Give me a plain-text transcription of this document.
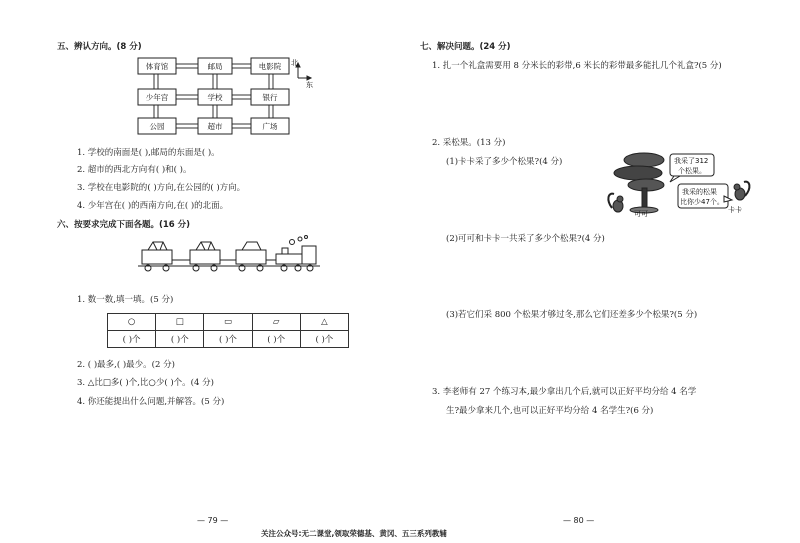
五、辨认方向。(8 分)
体育馆	邮局	电影院
少年宫	学校	银行
公园	超市	广场
北
东
1. 学校的南面是( ),邮局的东面是( )。
2. 超市的西北方向有( )和( )。
3. 学校在电影院的( )方向,在公园的( )方向。
4. 少年宫在( )的西南方向,在( )的北面。
六、按要求完成下面各题。(16 分)
1. 数一数,填一填。(5 分)
○	□	▭	▱	△
( )个	( )个	( )个	( )个	( )个
2. ( )最多,( )最少。(2 分)
3. △比□多( )个,比○少( )个。(4 分)
4. 你还能提出什么问题,并解答。(5 分)
— 79 —
七、解决问题。(24 分)
1. 扎一个礼盒需要用 8 分米长的彩带,6 米长的彩带最多能扎几个礼盒?(5 分)
2. 采松果。(13 分)
(1)卡卡采了多少个松果?(4 分)	我采了312
个松果。
我采的松果
比你少47个。
可可	卡卡
(2)可可和卡卡一共采了多少个松果?(4 分)
(3)若它们采 800 个松果才够过冬,那么它们还差多少个松果?(5 分)
3. 李老师有 27 个练习本,最少拿出几个后,就可以正好平均分给 4 名学
生?最少拿来几个,也可以正好平均分给 4 名学生?(6 分)
— 80 —
关注公众号:无二课堂,领取荣德基、黄冈、五三系列教辅
